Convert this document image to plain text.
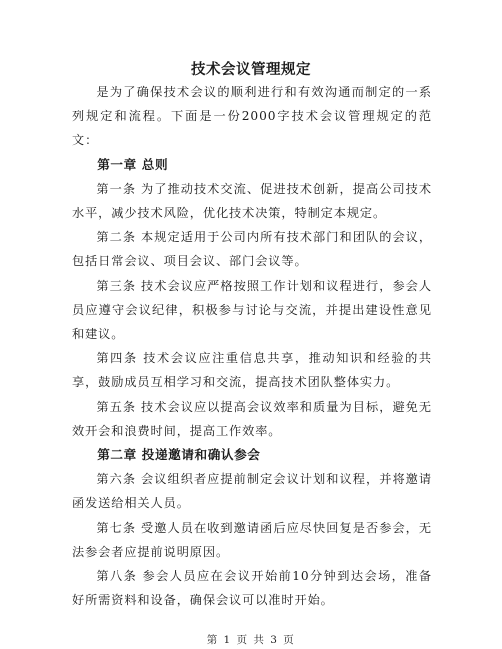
技术会议管理规定

是为了确保技术会议的顺利进行和有效沟通而制定的一系列规定和流程。下面是一份2000字技术会议管理规定的范文：

第一章 总则

第一条 为了推动技术交流、促进技术创新，提高公司技术水平，减少技术风险，优化技术决策，特制定本规定。

第二条 本规定适用于公司内所有技术部门和团队的会议，包括日常会议、项目会议、部门会议等。

第三条 技术会议应严格按照工作计划和议程进行，参会人员应遵守会议纪律，积极参与讨论与交流，并提出建设性意见和建议。

第四条 技术会议应注重信息共享，推动知识和经验的共享，鼓励成员互相学习和交流，提高技术团队整体实力。

第五条 技术会议应以提高会议效率和质量为目标，避免无效开会和浪费时间，提高工作效率。

第二章 投递邀请和确认参会

第六条 会议组织者应提前制定会议计划和议程，并将邀请函发送给相关人员。

第七条 受邀人员在收到邀请函后应尽快回复是否参会，无法参会者应提前说明原因。

第八条 参会人员应在会议开始前10分钟到达会场，准备好所需资料和设备，确保会议可以准时开始。

第 1 页 共 3 页
